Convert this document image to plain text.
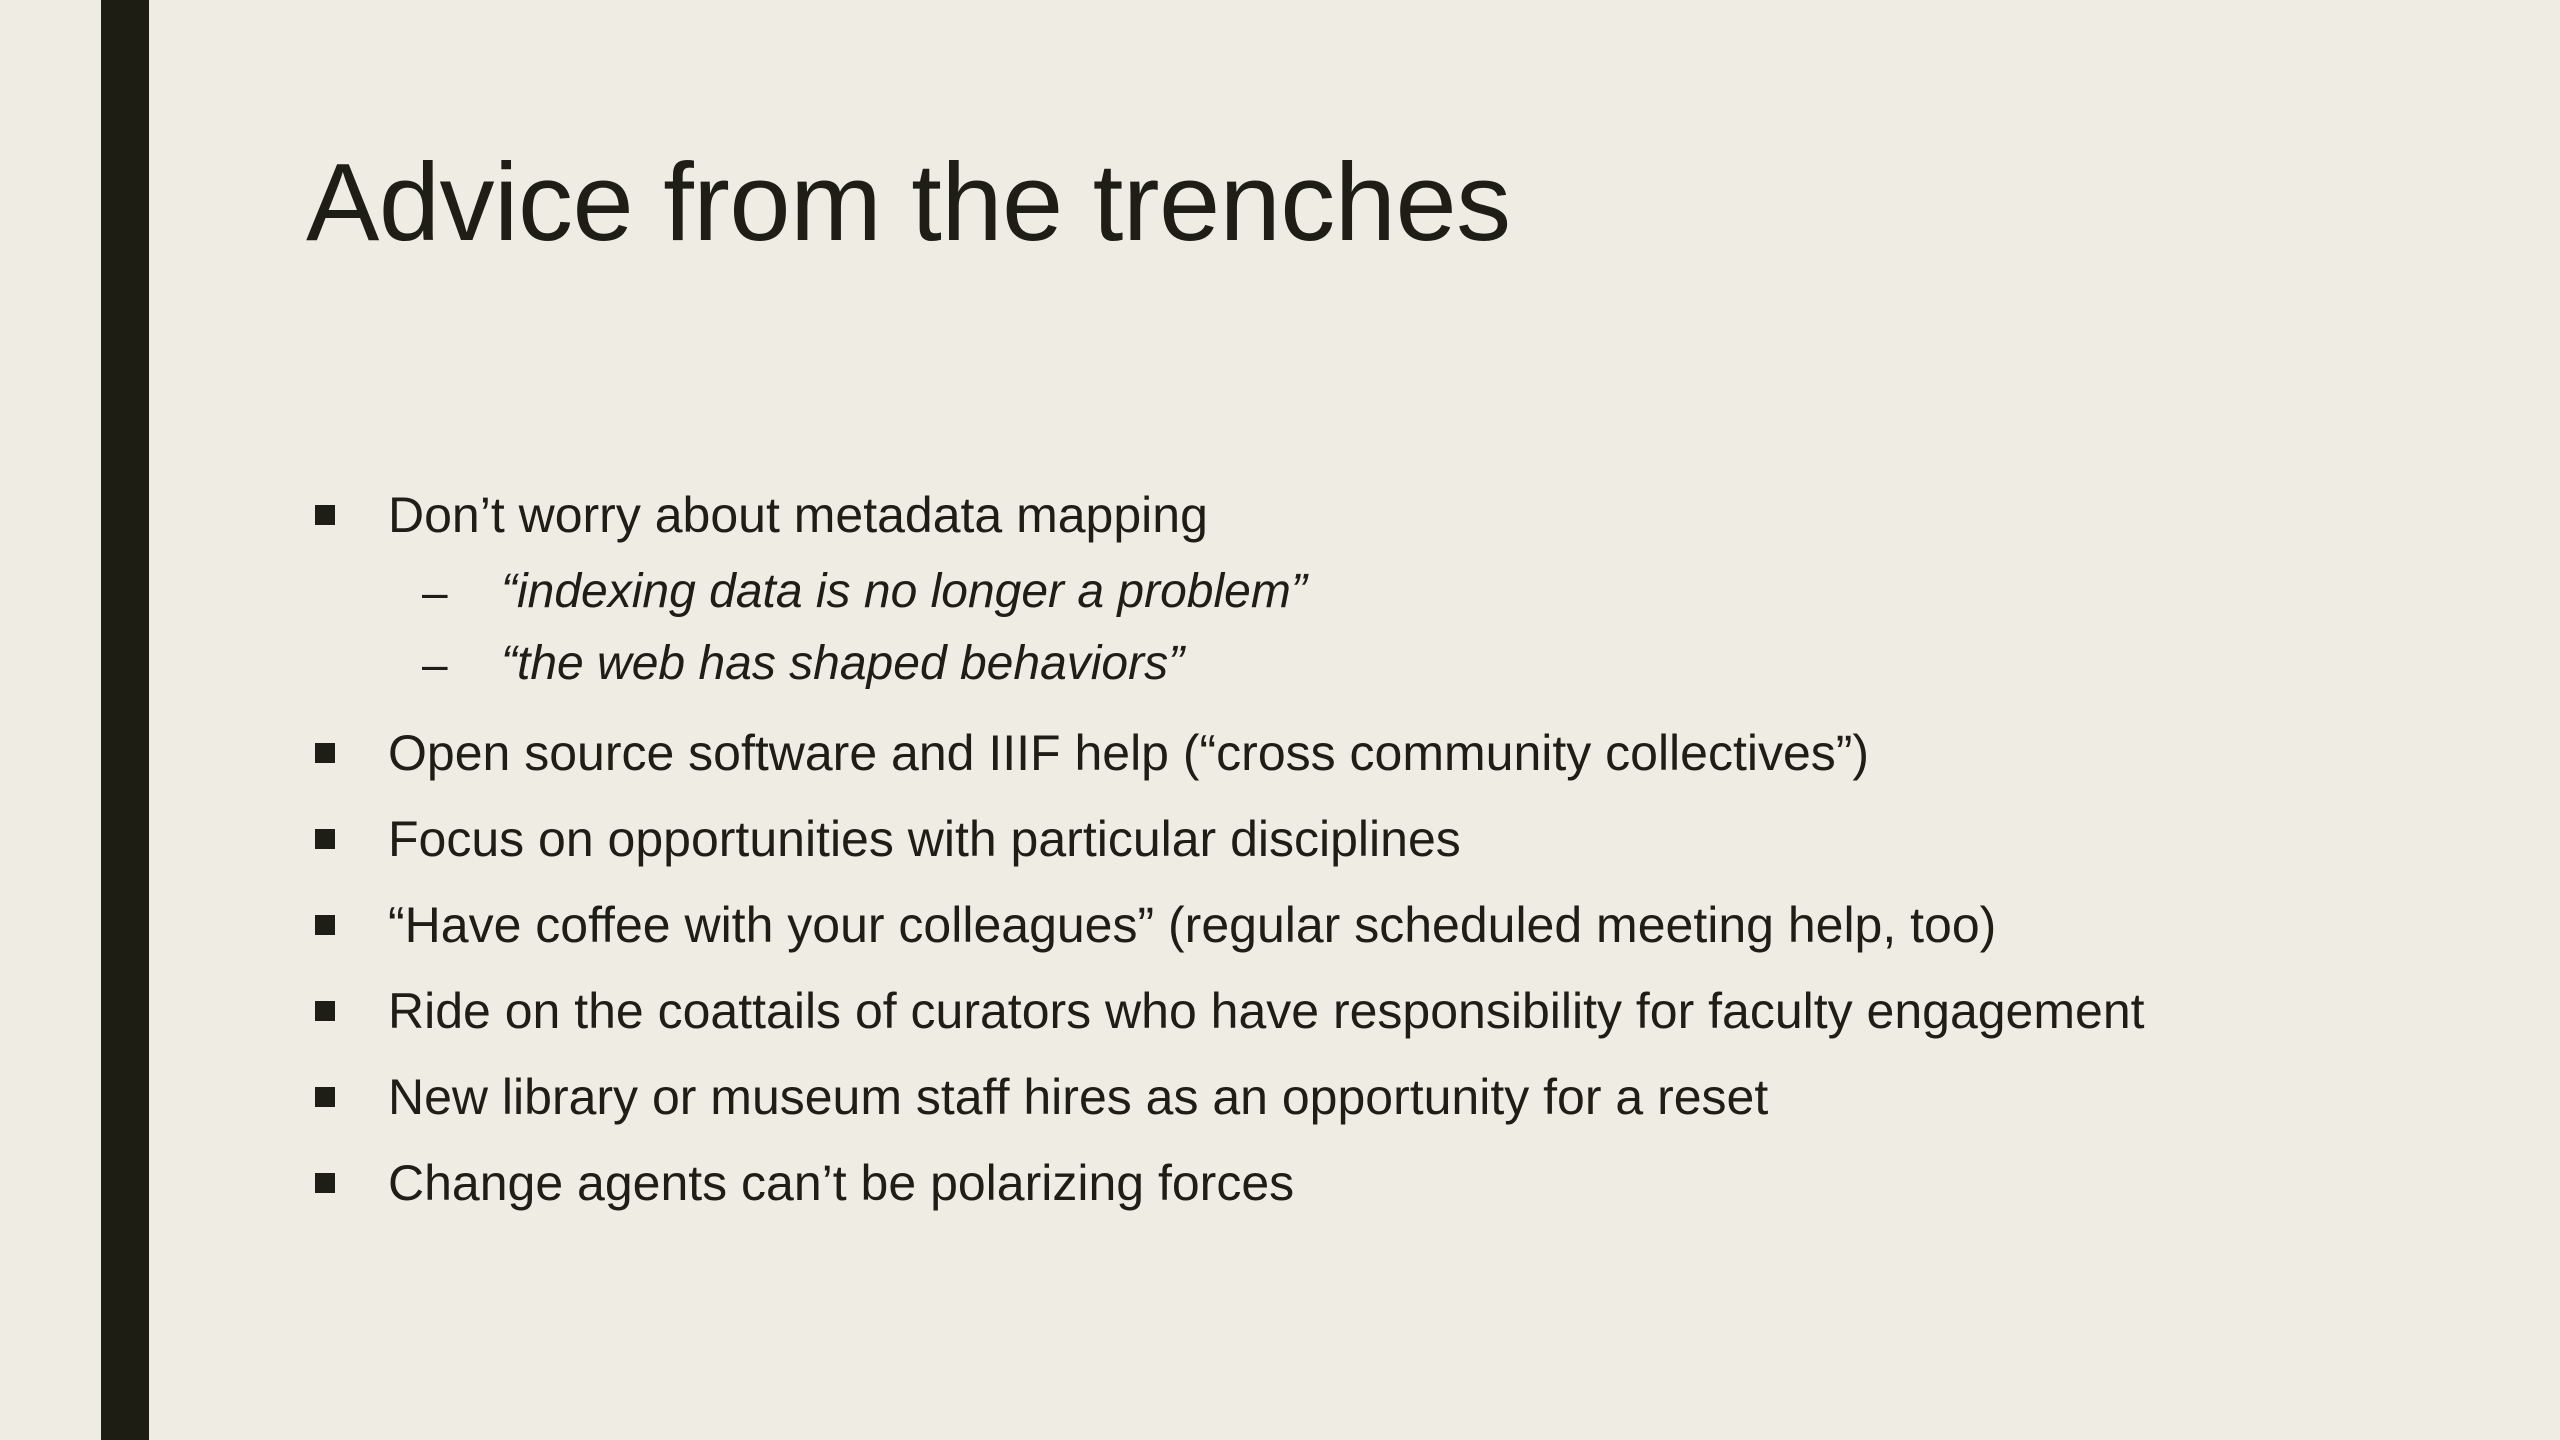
Advice from the trenches
Don’t worry about metadata mapping
– “indexing data is no longer a problem”
– “the web has shaped behaviors”
Open source software and IIIF help (“cross community collectives”)
Focus on opportunities with particular disciplines
“Have coffee with your colleagues” (regular scheduled meeting help, too)
Ride on the coattails of curators who have responsibility for faculty engagement
New library or museum staff hires as an opportunity for a reset
Change agents can’t be polarizing forces
